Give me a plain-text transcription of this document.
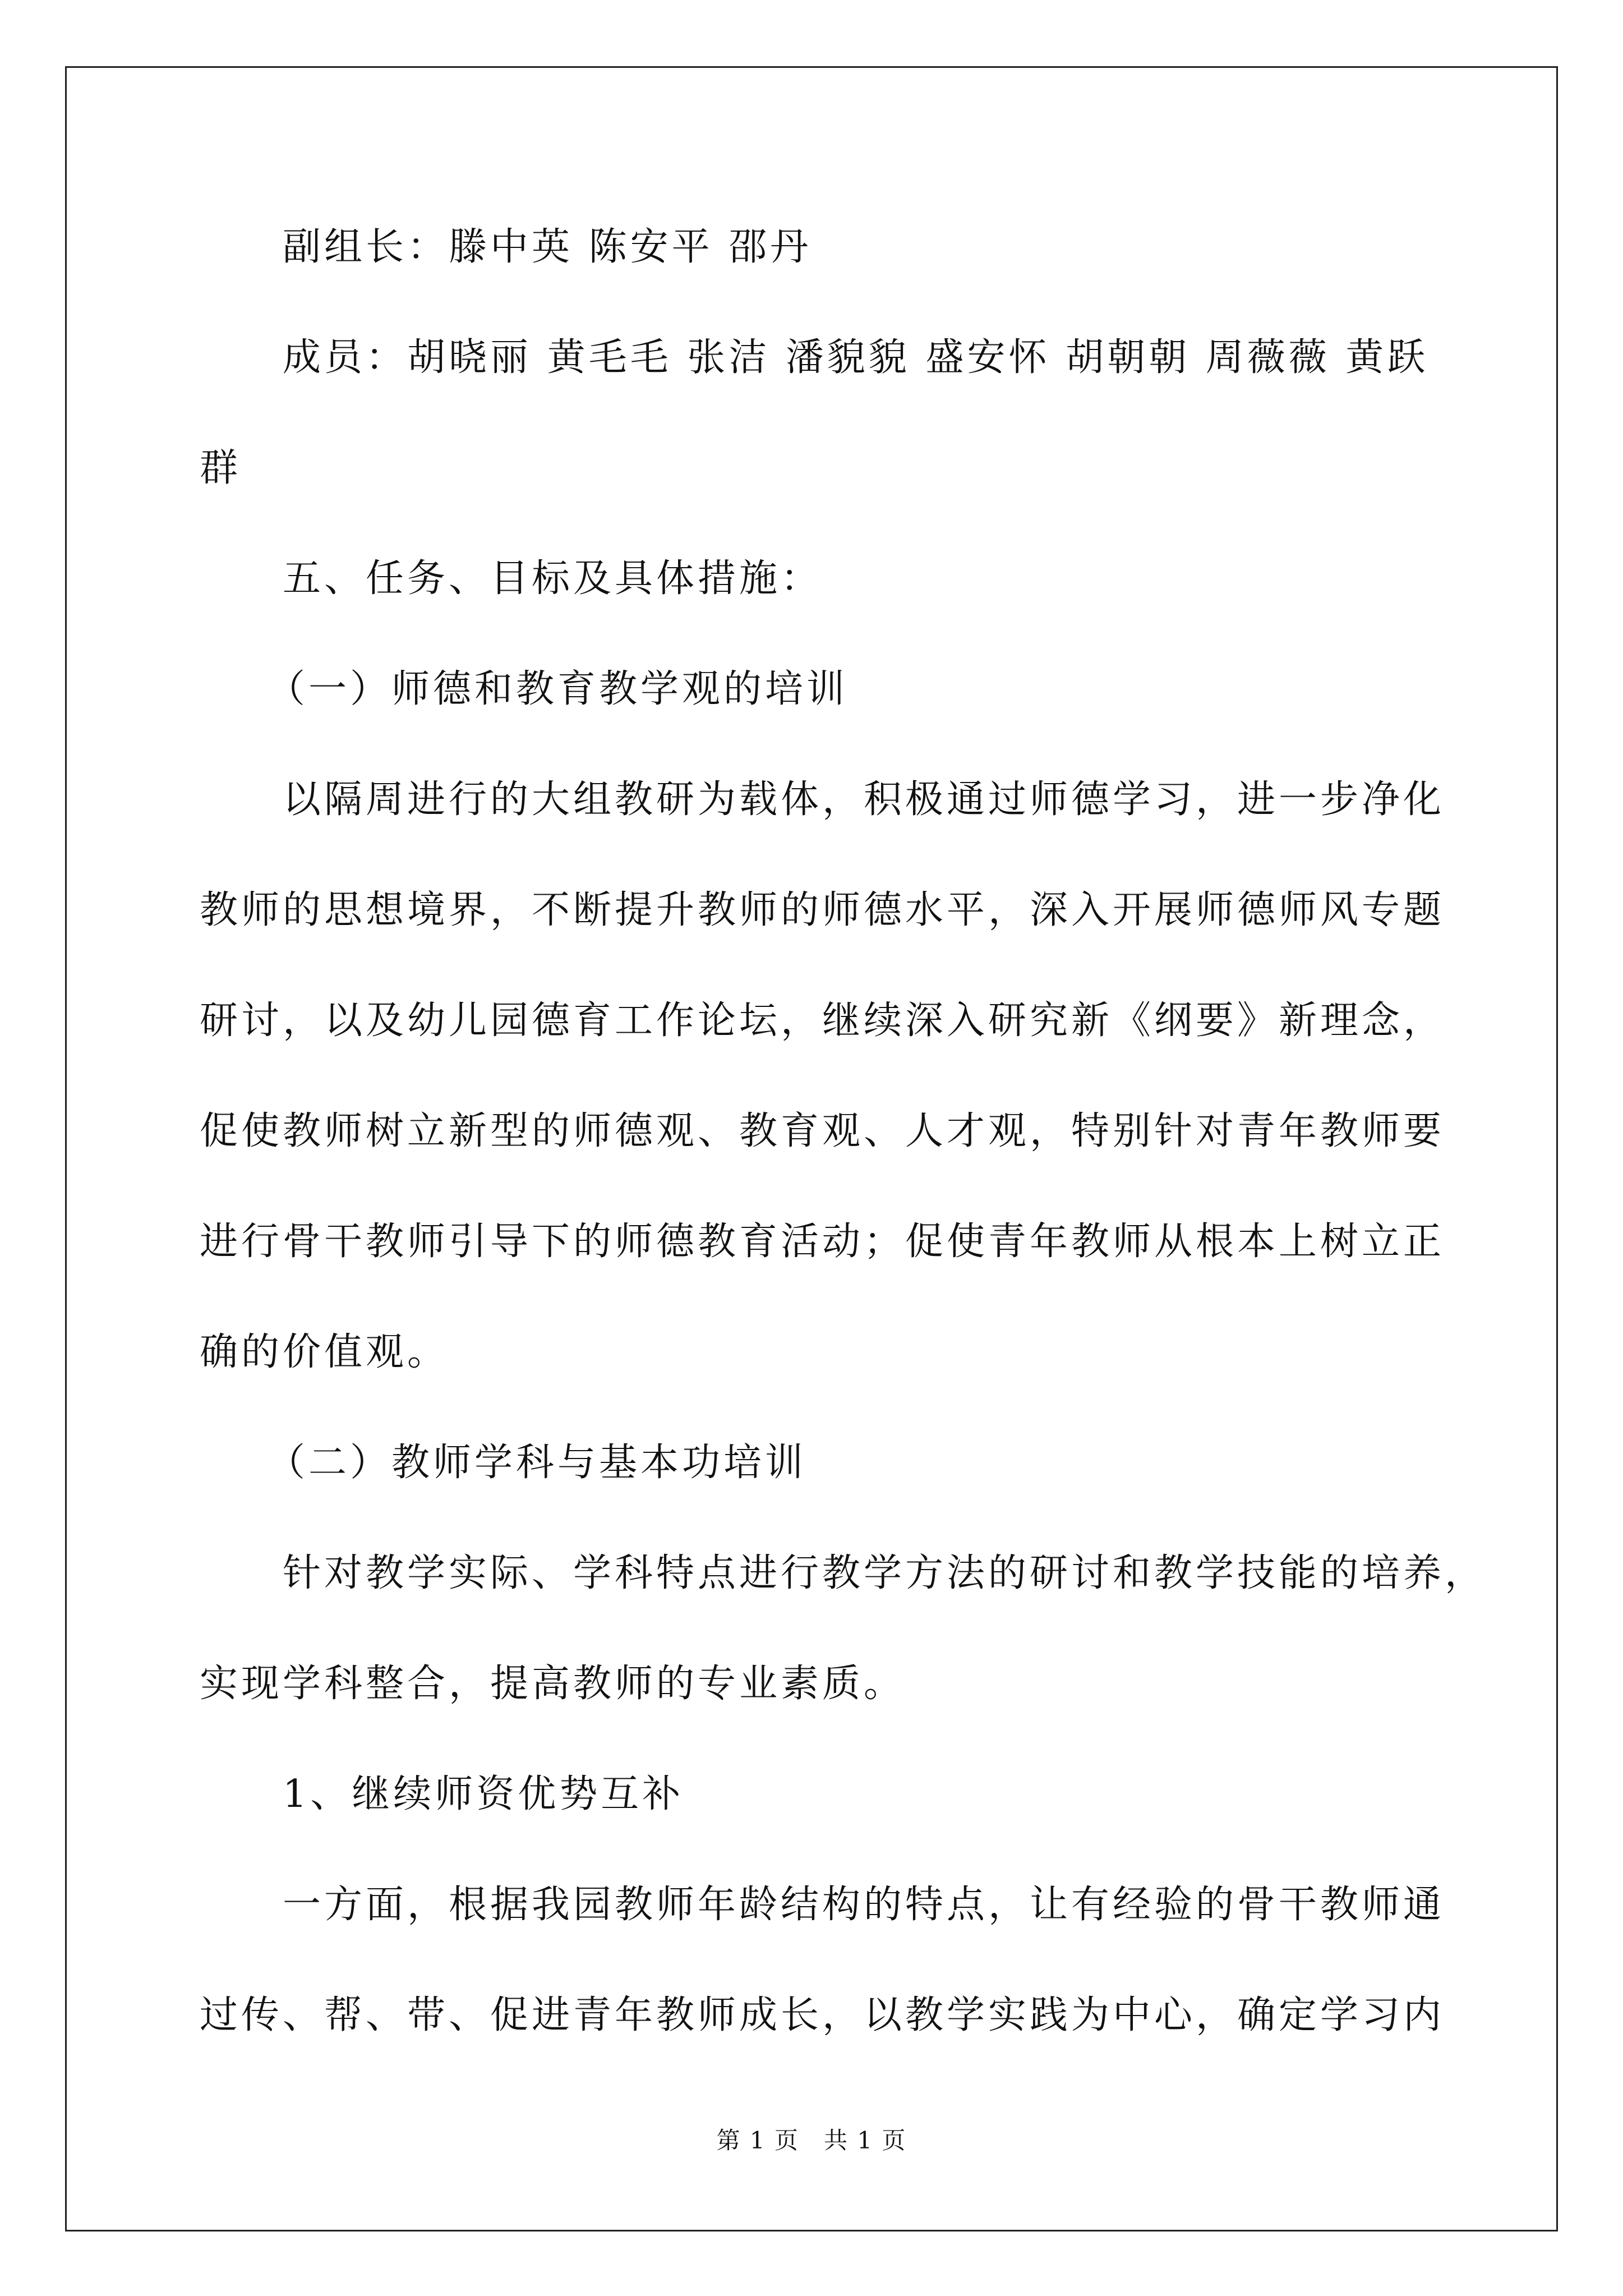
副组长：滕中英 陈安平 邵丹
成员：胡晓丽 黄毛毛 张洁 潘貌貌 盛安怀 胡朝朝 周薇薇 黄跃
群
五、任务、目标及具体措施：
（一）师德和教育教学观的培训
以隔周进行的大组教研为载体，积极通过师德学习，进一步净化
教师的思想境界，不断提升教师的师德水平，深入开展师德师风专题
研讨，以及幼儿园德育工作论坛，继续深入研究新《纲要》新理念，
促使教师树立新型的师德观、教育观、人才观，特别针对青年教师要
进行骨干教师引导下的师德教育活动；促使青年教师从根本上树立正
确的价值观。
（二）教师学科与基本功培训
针对教学实际、学科特点进行教学方法的研讨和教学技能的培养，
实现学科整合，提高教师的专业素质。
1、继续师资优势互补
一方面，根据我园教师年龄结构的特点，让有经验的骨干教师通
过传、帮、带、促进青年教师成长，以教学实践为中心，确定学习内
第 1 页　共 1 页
